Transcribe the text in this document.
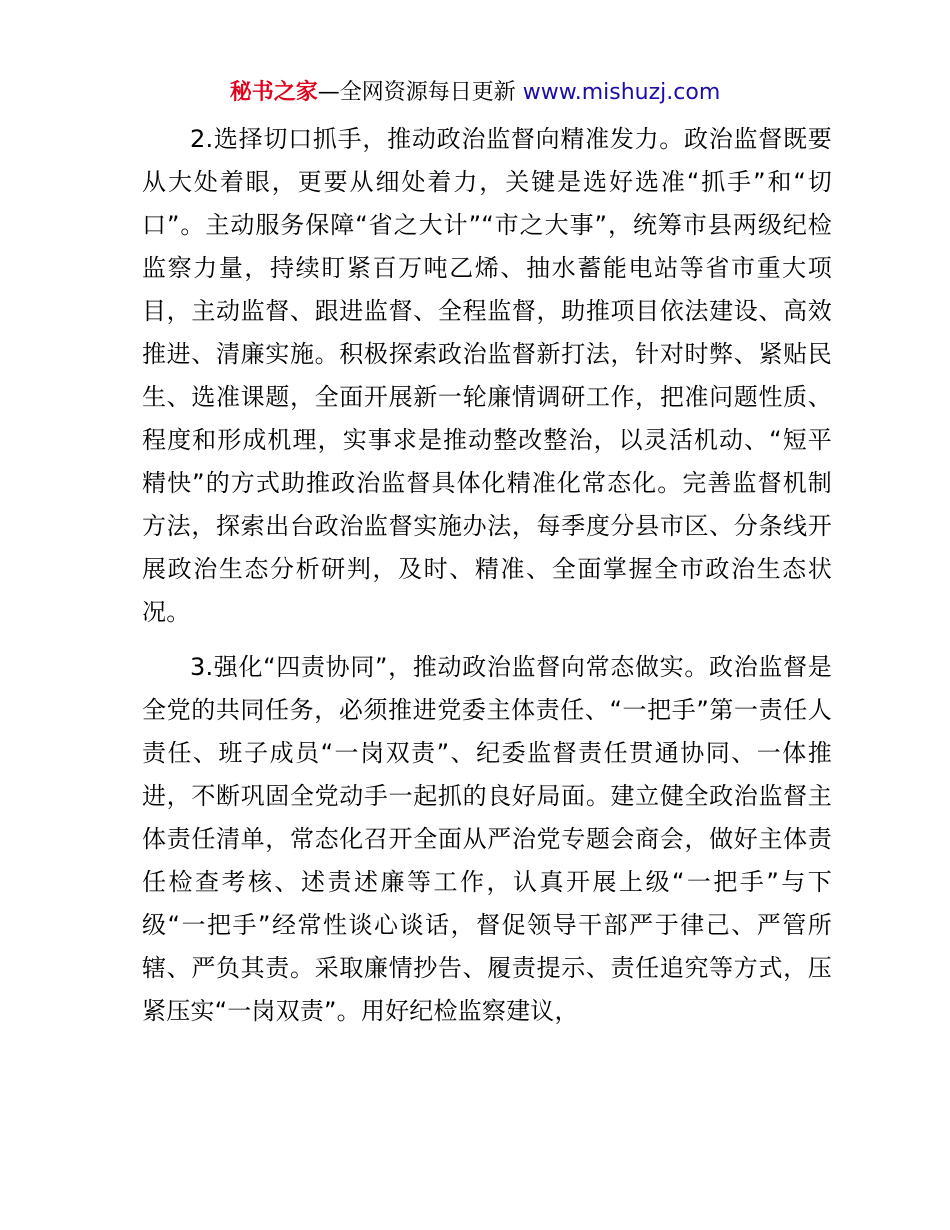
秘书之家—全网资源每日更新 www.mishuzj.com

2.选择切口抓手，推动政治监督向精准发力。政治监督既要从大处着眼，更要从细处着力，关键是选好选准“抓手”和“切口”。主动服务保障“省之大计”“市之大事”，统筹市县两级纪检监察力量，持续盯紧百万吨乙烯、抽水蓄能电站等省市重大项目，主动监督、跟进监督、全程监督，助推项目依法建设、高效推进、清廉实施。积极探索政治监督新打法，针对时弊、紧贴民生、选准课题，全面开展新一轮廉情调研工作，把准问题性质、程度和形成机理，实事求是推动整改整治，以灵活机动、“短平精快”的方式助推政治监督具体化精准化常态化。完善监督机制方法，探索出台政治监督实施办法，每季度分县市区、分条线开展政治生态分析研判，及时、精准、全面掌握全市政治生态状况。

3.强化“四责协同”，推动政治监督向常态做实。政治监督是全党的共同任务，必须推进党委主体责任、“一把手”第一责任人责任、班子成员“一岗双责”、纪委监督责任贯通协同、一体推进，不断巩固全党动手一起抓的良好局面。建立健全政治监督主体责任清单，常态化召开全面从严治党专题会商会，做好主体责任检查考核、述责述廉等工作，认真开展上级“一把手”与下级“一把手”经常性谈心谈话，督促领导干部严于律己、严管所辖、严负其责。采取廉情抄告、履责提示、责任追究等方式，压紧压实“一岗双责”。用好纪检监察建议，
